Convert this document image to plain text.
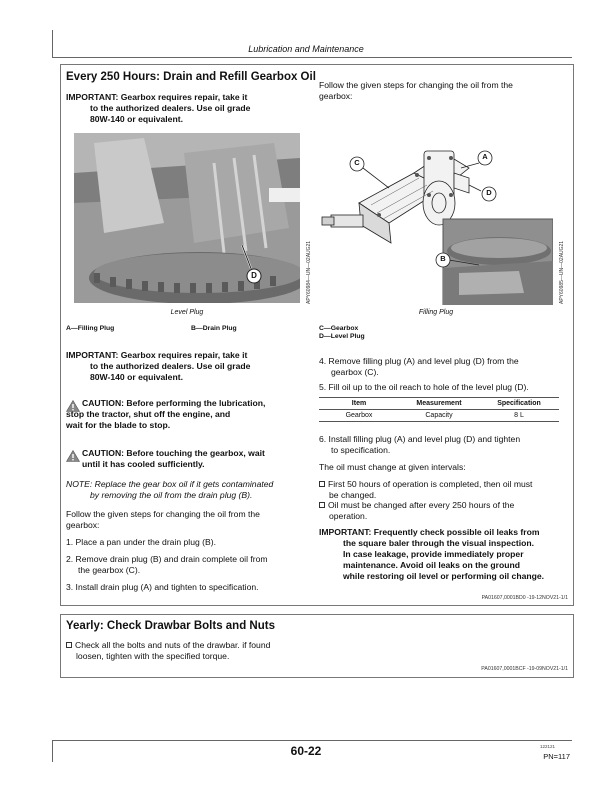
Lubrication and Maintenance
Every 250 Hours: Drain and Refill Gearbox Oil
IMPORTANT: Gearbox requires repair, take it
to the authorized dealers. Use oil grade
80W-140 or equivalent.
Follow the given steps for changing the oil from the
gearbox:
D	APY60984—UN—02AUG21
Level Plug
A
B
C
D
APY60985—UN—02AUG21
Filling Plug
A—Filling Plug	B—Drain Plug	C—Gearbox
D—Level Plug
IMPORTANT: Gearbox requires repair, take it
to the authorized dealers. Use oil grade
80W-140 or equivalent.
CAUTION: Before performing the lubrication,
stop the tractor, shut off the engine, and
wait for the blade to stop.
CAUTION: Before touching the gearbox, wait
until it has cooled sufficiently.
NOTE: Replace the gear box oil if it gets contaminated
by removing the oil from the drain plug (B).
Follow the given steps for changing the oil from the
gearbox:
1. Place a pan under the drain plug (B).
2. Remove drain plug (B) and drain complete oil from
the gearbox (C).
3. Install drain plug (A) and tighten to specification.
4. Remove filling plug (A) and level plug (D) from the
gearbox (C).
5. Fill oil up to the oil reach to hole of the level plug (D).
Item	Measurement	Specification
Gearbox	Capacity	8 L
6. Install filling plug (A) and level plug (D) and tighten
to specification.
The oil must change at given intervals:
First 50 hours of operation is completed, then oil must
be changed.
Oil must be changed after every 250 hours of the
operation.
IMPORTANT: Frequently check possible oil leaks from
the square baler through the visual inspection.
In case leakage, provide immediately proper
maintenance. Avoid oil leaks on the ground
while restoring oil level or performing oil change.
PA01607,0001BD0 -19-12NOV21-1/1
Yearly: Check Drawbar Bolts and Nuts
Check all the bolts and nuts of the drawbar. if found
loosen, tighten with the specified torque.
PA01607,0001BCF -19-09NOV21-1/1
60-22	122121
PN=117
